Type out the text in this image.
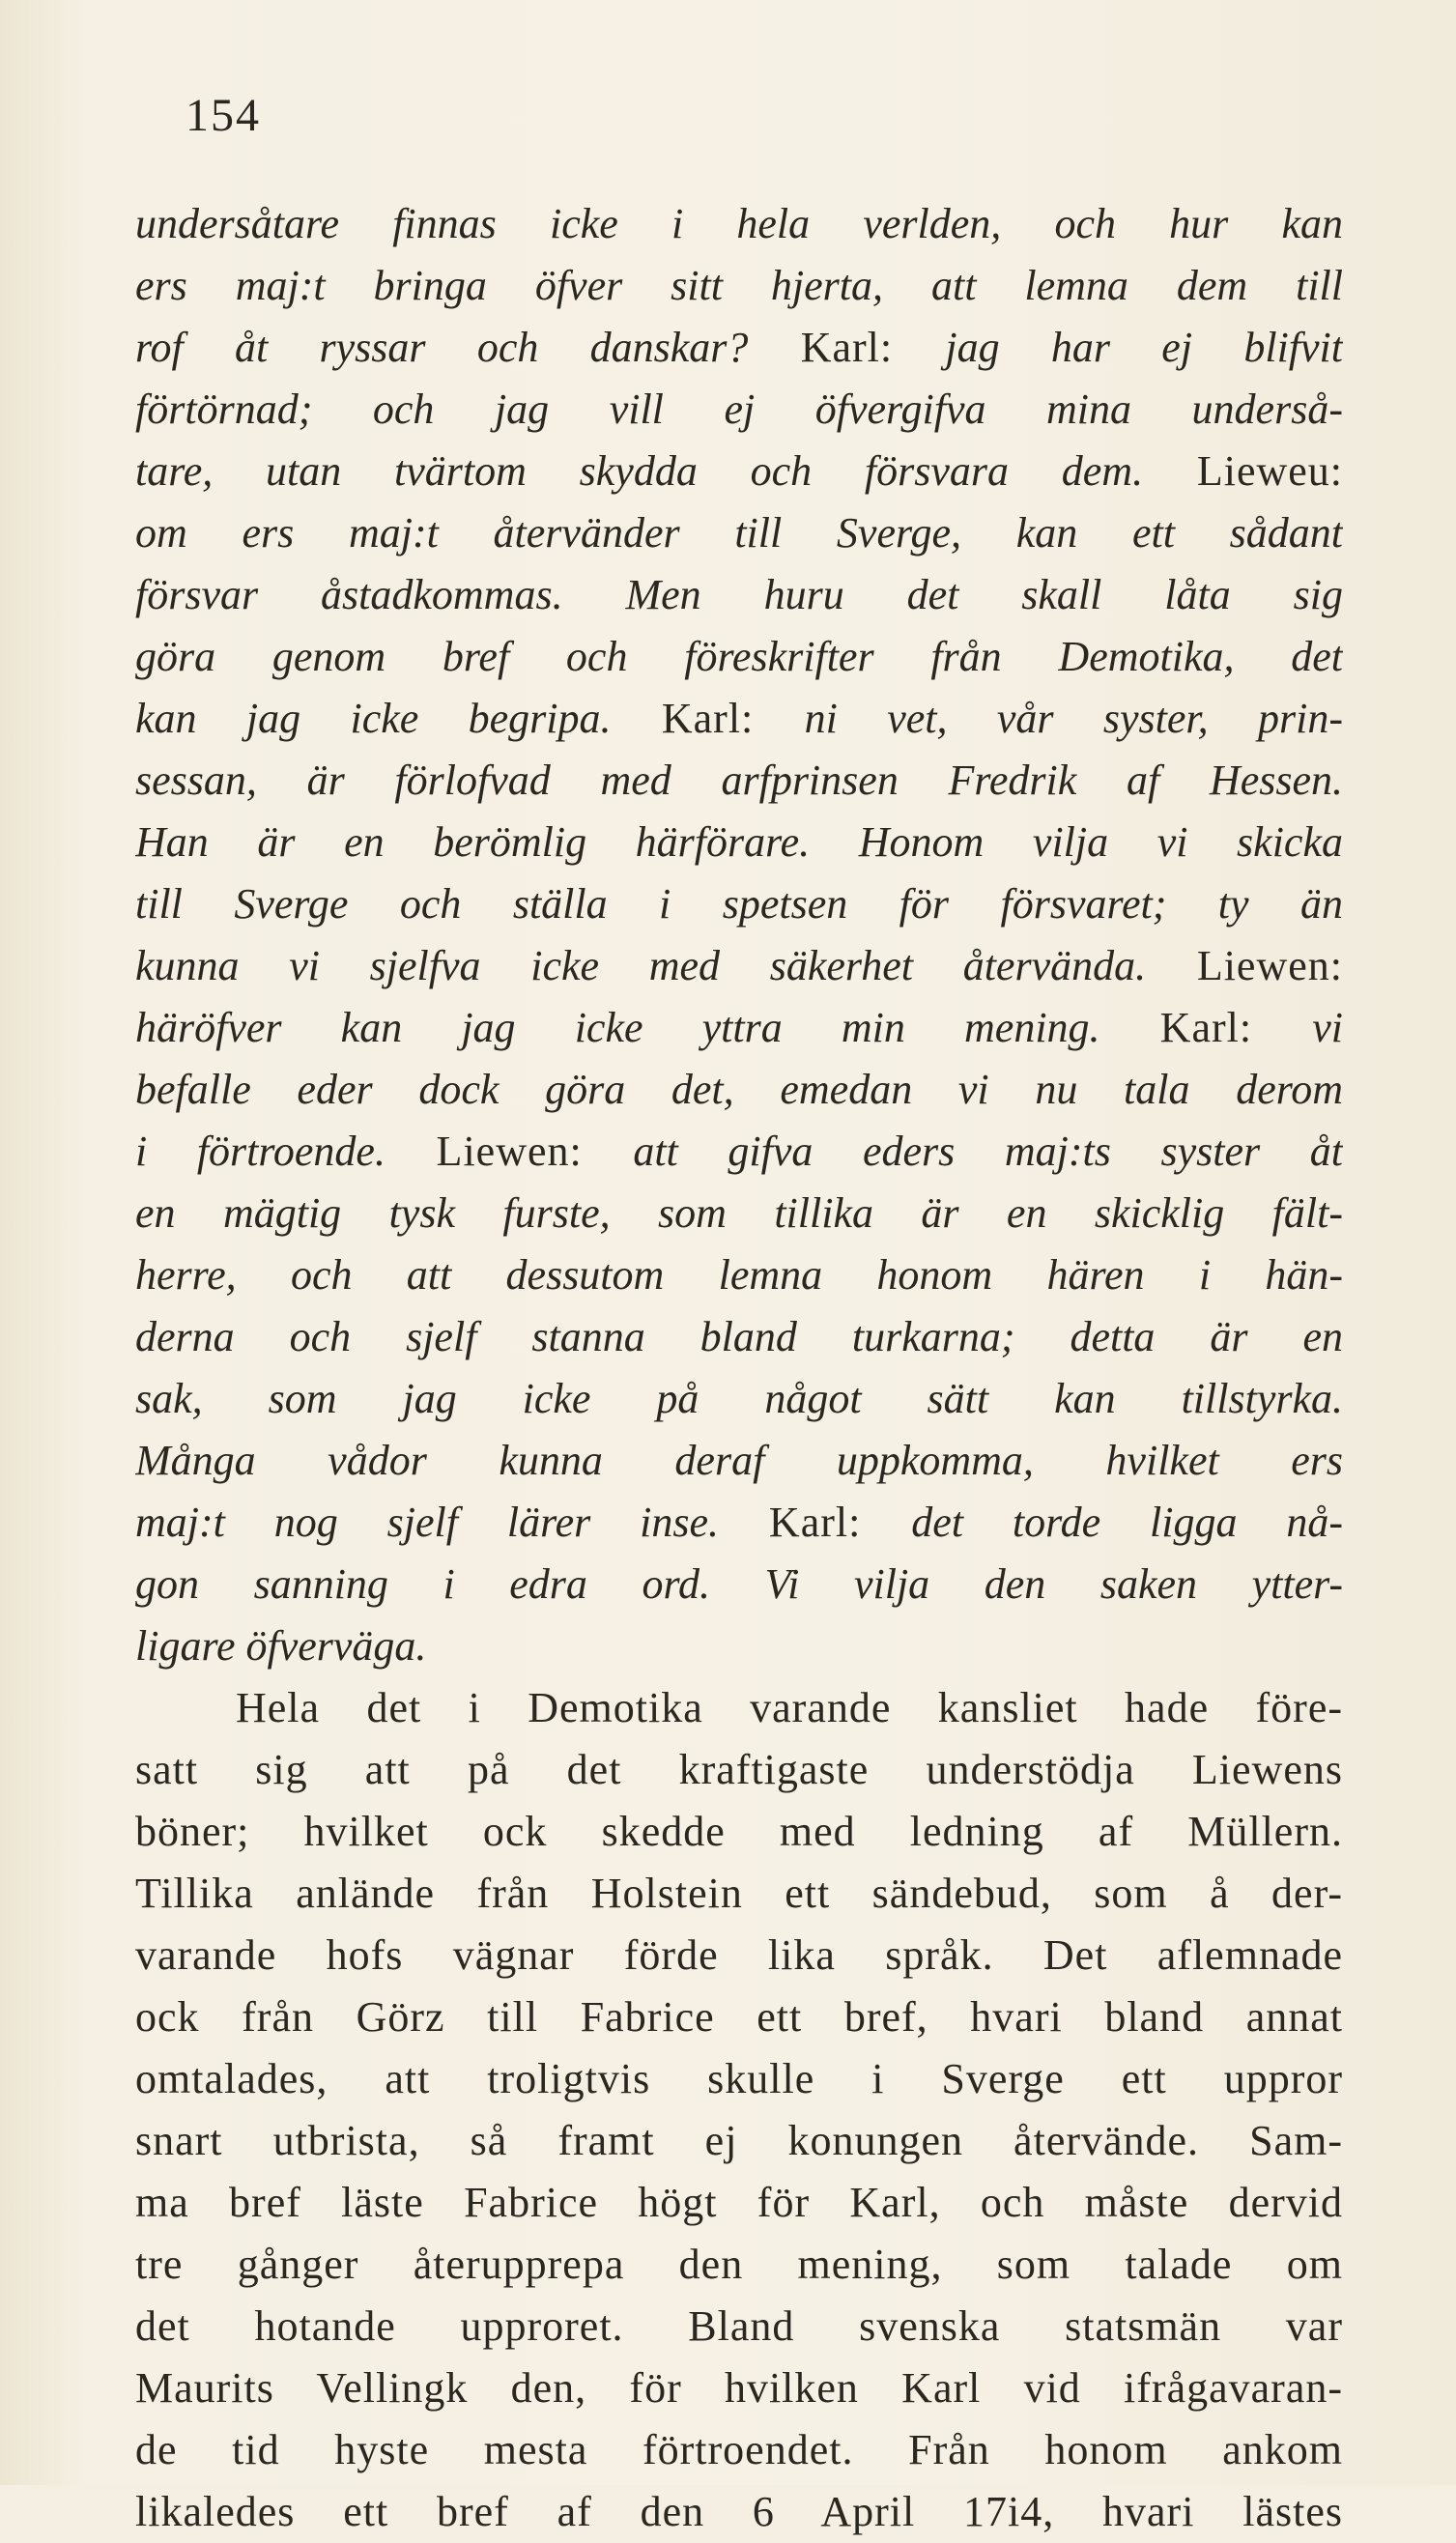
154
undersåtare finnas icke i hela verlden, och hur kan
ers maj:t bringa öfver sitt hjerta, att lemna dem till
rof åt ryssar och danskar? Karl: jag har ej blifvit
förtörnad; och jag vill ej öfvergifva mina underså-
tare, utan tvärtom skydda och försvara dem. Lieweu:
om ers maj:t återvänder till Sverge, kan ett sådant
försvar åstadkommas. Men huru det skall låta sig
göra genom bref och föreskrifter från Demotika, det
kan jag icke begripa. Karl: ni vet, vår syster, prin-
sessan, är förlofvad med arfprinsen Fredrik af Hessen.
Han är en berömlig härförare. Honom vilja vi skicka
till Sverge och ställa i spetsen för försvaret; ty än
kunna vi sjelfva icke med säkerhet återvända. Liewen:
häröfver kan jag icke yttra min mening. Karl: vi
befalle eder dock göra det, emedan vi nu tala derom
i förtroende. Liewen: att gifva eders maj:ts syster åt
en mägtig tysk furste, som tillika är en skicklig fält-
herre, och att dessutom lemna honom hären i hän-
derna och sjelf stanna bland turkarna; detta är en
sak, som jag icke på något sätt kan tillstyrka.
Många vådor kunna deraf uppkomma, hvilket ers
maj:t nog sjelf lärer inse. Karl: det torde ligga nå-
gon sanning i edra ord. Vi vilja den saken ytter-
ligare öfverväga.
Hela det i Demotika varande kansliet hade före-
satt sig att på det kraftigaste understödja Liewens
böner; hvilket ock skedde med ledning af Müllern.
Tillika anlände från Holstein ett sändebud, som å der-
varande hofs vägnar förde lika språk. Det aflemnade
ock från Görz till Fabrice ett bref, hvari bland annat
omtalades, att troligtvis skulle i Sverge ett uppror
snart utbrista, så framt ej konungen återvände. Sam-
ma bref läste Fabrice högt för Karl, och måste dervid
tre gånger återupprepa den mening, som talade om
det hotande upproret. Bland svenska statsmän var
Maurits Vellingk den, för hvilken Karl vid ifrågavaran-
de tid hyste mesta förtroendet. Från honom ankom
likaledes ett bref af den 6 April 17i4, hvari lästes
